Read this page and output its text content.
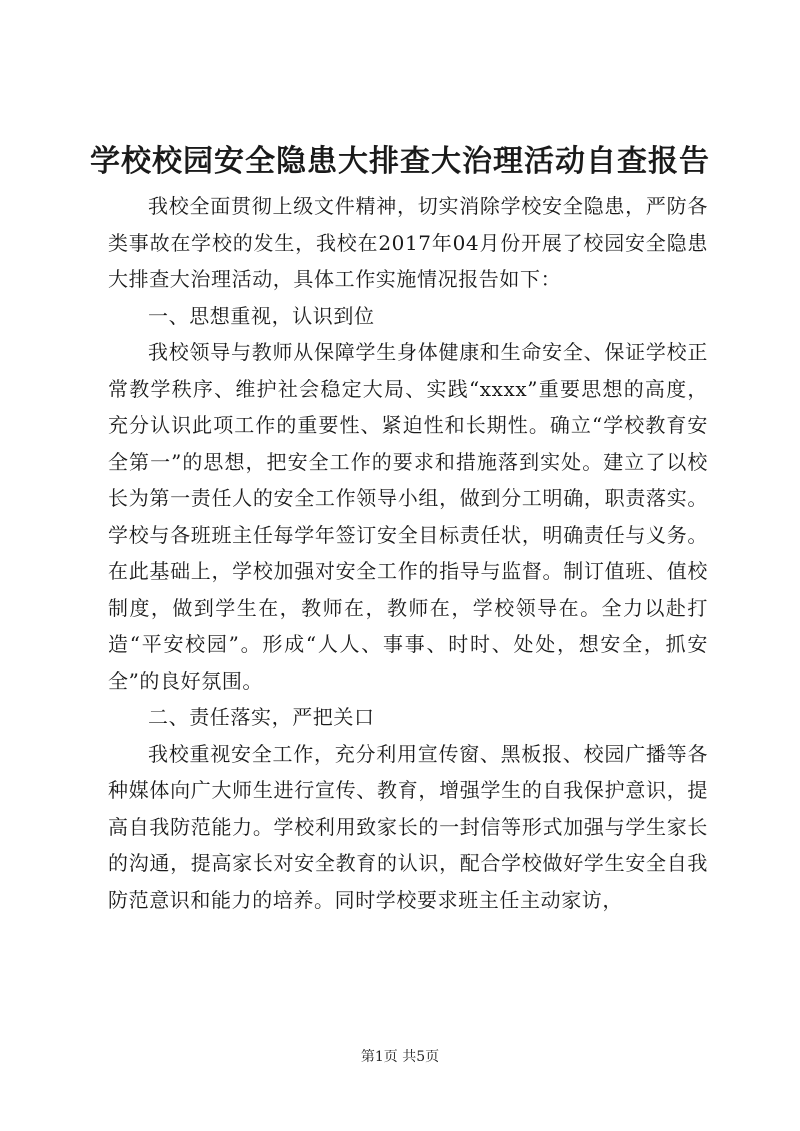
学校校园安全隐患大排查大治理活动自查报告

我校全面贯彻上级文件精神，切实消除学校安全隐患，严防各类事故在学校的发生，我校在2017年04月份开展了校园安全隐患大排查大治理活动，具体工作实施情况报告如下：

一、思想重视，认识到位

我校领导与教师从保障学生身体健康和生命安全、保证学校正常教学秩序、维护社会稳定大局、实践“xxxx”重要思想的高度，充分认识此项工作的重要性、紧迫性和长期性。确立“学校教育安全第一”的思想，把安全工作的要求和措施落到实处。建立了以校长为第一责任人的安全工作领导小组，做到分工明确，职责落实。学校与各班班主任每学年签订安全目标责任状，明确责任与义务。在此基础上，学校加强对安全工作的指导与监督。制订值班、值校制度，做到学生在，教师在，教师在，学校领导在。全力以赴打造“平安校园”。形成“人人、事事、时时、处处，想安全，抓安全”的良好氛围。

二、责任落实，严把关口

我校重视安全工作，充分利用宣传窗、黑板报、校园广播等各种媒体向广大师生进行宣传、教育，增强学生的自我保护意识，提高自我防范能力。学校利用致家长的一封信等形式加强与学生家长的沟通，提高家长对安全教育的认识，配合学校做好学生安全自我防范意识和能力的培养。同时学校要求班主任主动家访，

第1页 共5页
